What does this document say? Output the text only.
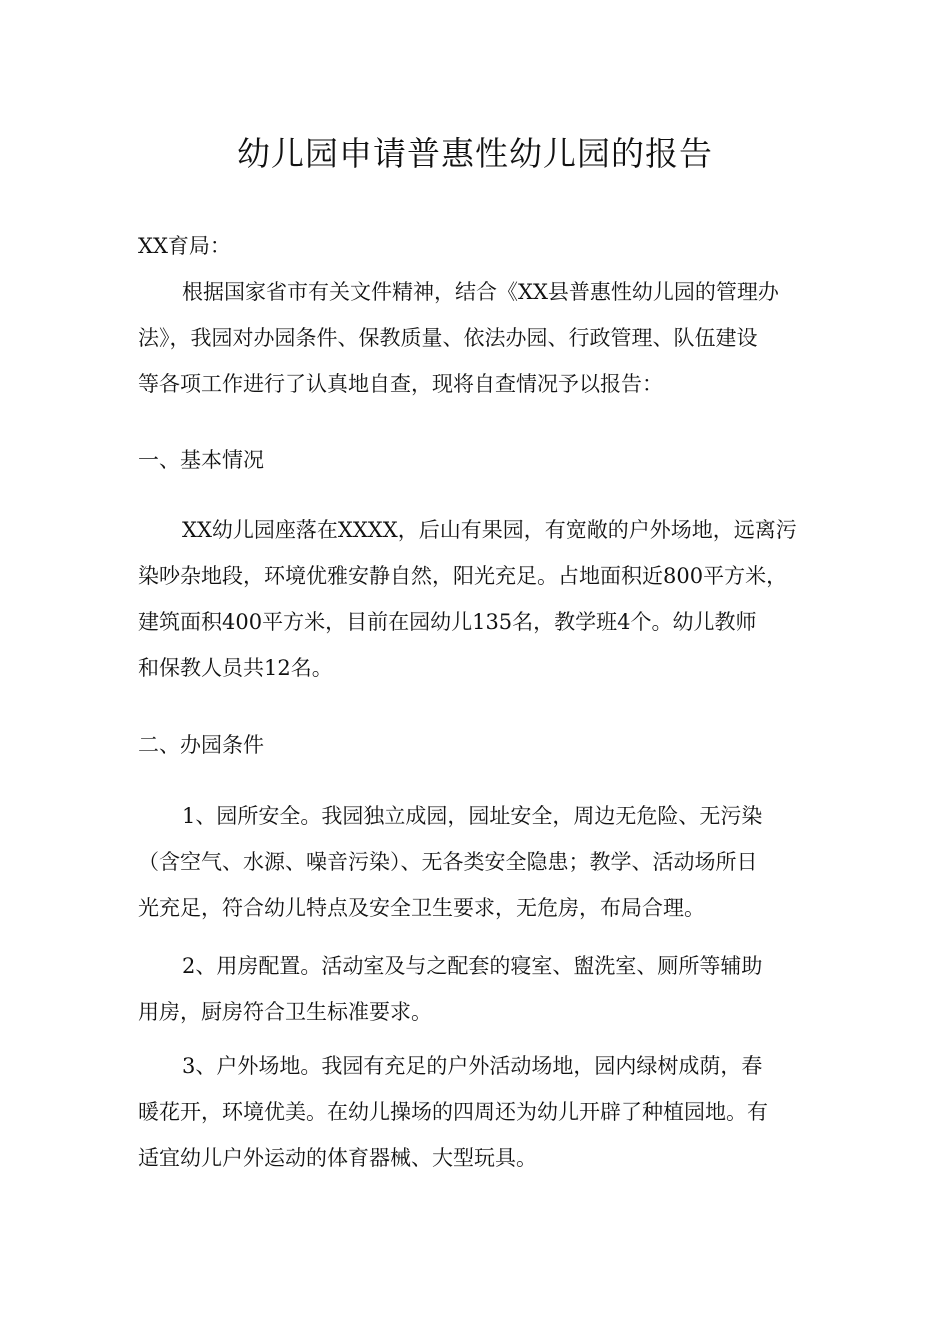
幼儿园申请普惠性幼儿园的报告

XX育局：

根据国家省市有关文件精神，结合《XX县普惠性幼儿园的管理办
法》，我园对办园条件、保教质量、依法办园、行政管理、队伍建设
等各项工作进行了认真地自查，现将自查情况予以报告：

一、基本情况

XX幼儿园座落在XXXX，后山有果园，有宽敞的户外场地，远离污
染吵杂地段，环境优雅安静自然，阳光充足。占地面积近800平方米，
建筑面积400平方米，目前在园幼儿135名，教学班4个。幼儿教师
和保教人员共12名。

二、办园条件

1、园所安全。我园独立成园，园址安全，周边无危险、无污染
（含空气、水源、噪音污染）、无各类安全隐患；教学、活动场所日
光充足，符合幼儿特点及安全卫生要求，无危房，布局合理。
2、用房配置。活动室及与之配套的寝室、盥洗室、厕所等辅助
用房，厨房符合卫生标准要求。
3、户外场地。我园有充足的户外活动场地，园内绿树成荫，春
暖花开，环境优美。在幼儿操场的四周还为幼儿开辟了种植园地。有
适宜幼儿户外运动的体育器械、大型玩具。
